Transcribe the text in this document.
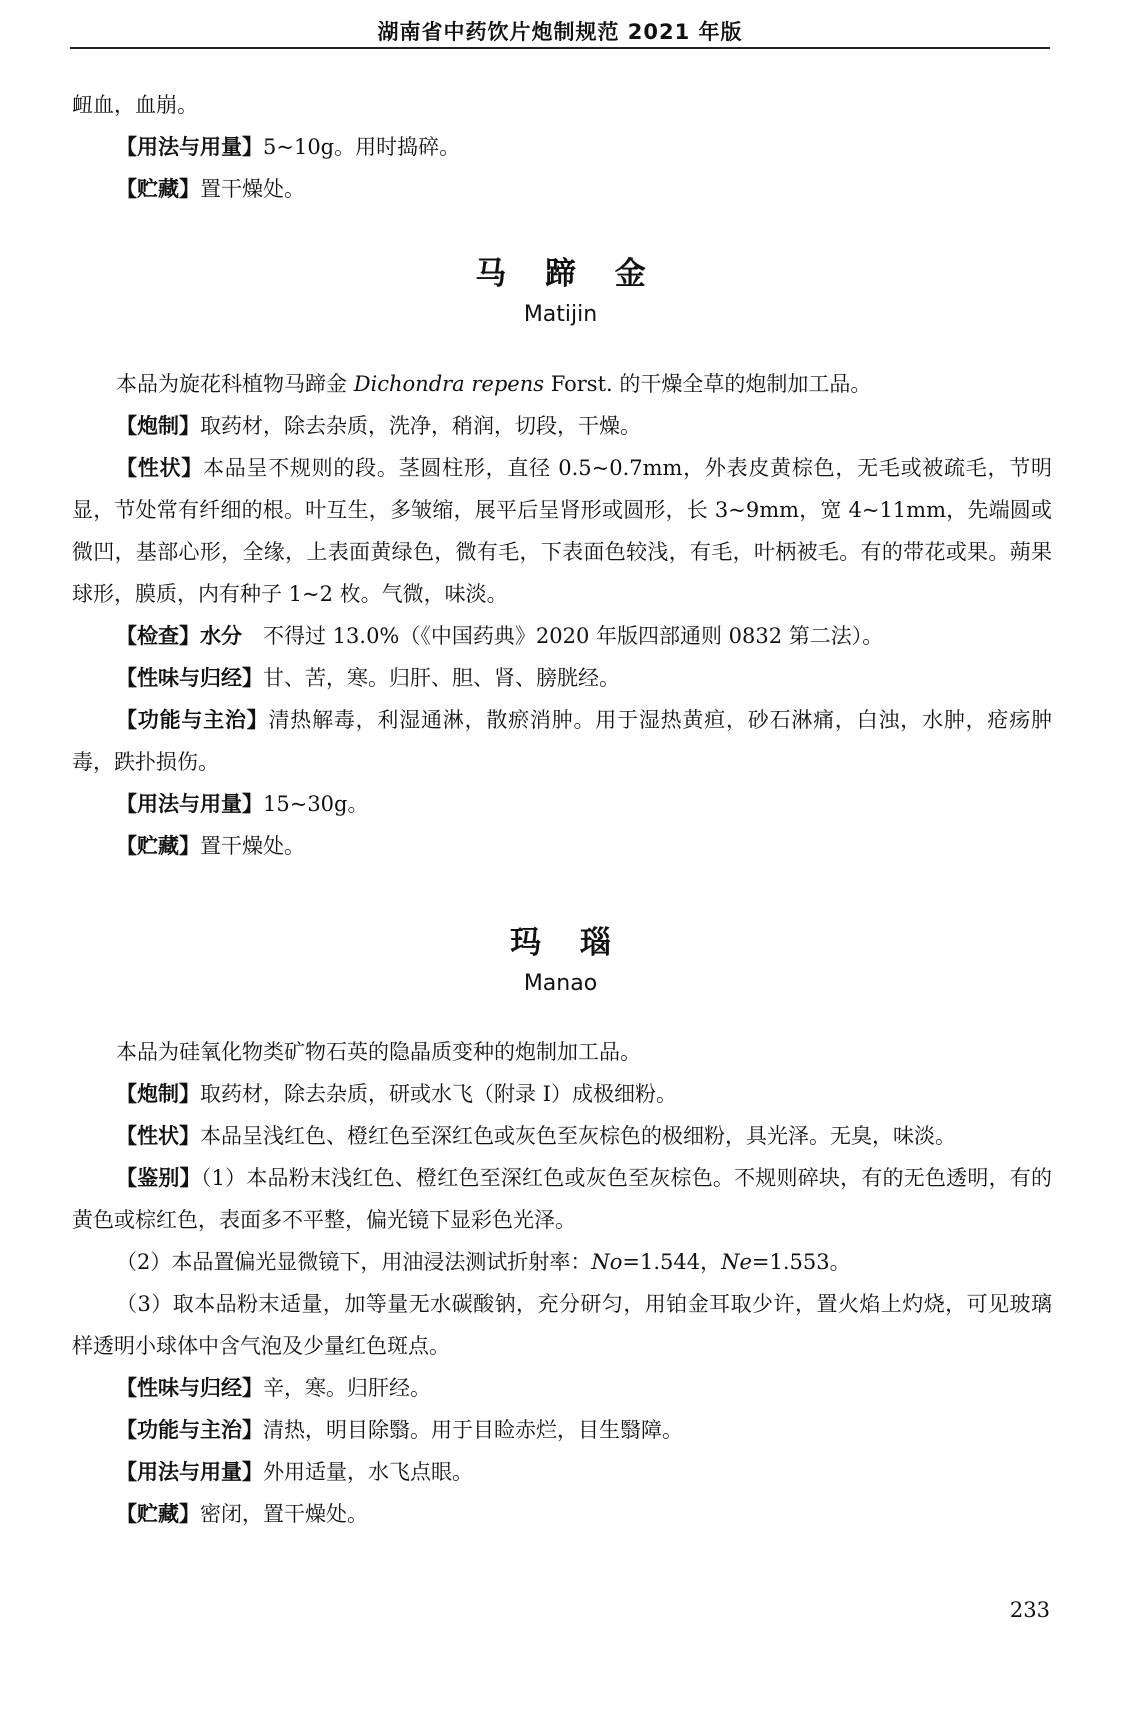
湖南省中药饮片炮制规范 2021 年版

衄血，血崩。

【用法与用量】5~10g。用时捣碎。

【贮藏】置干燥处。

马 蹄 金
Matijin

本品为旋花科植物马蹄金 Dichondra repens Forst. 的干燥全草的炮制加工品。

【炮制】取药材，除去杂质，洗净，稍润，切段，干燥。

【性状】本品呈不规则的段。茎圆柱形，直径 0.5~0.7mm，外表皮黄棕色，无毛或被疏毛，节明显，节处常有纤细的根。叶互生，多皱缩，展平后呈肾形或圆形，长 3~9mm，宽 4~11mm，先端圆或微凹，基部心形，全缘，上表面黄绿色，微有毛，下表面色较浅，有毛，叶柄被毛。有的带花或果。蒴果球形，膜质，内有种子 1~2 枚。气微，味淡。

【检查】水分　不得过 13.0%（《中国药典》2020 年版四部通则 0832 第二法）。

【性味与归经】甘、苦，寒。归肝、胆、肾、膀胱经。

【功能与主治】清热解毒，利湿通淋，散瘀消肿。用于湿热黄疸，砂石淋痛，白浊，水肿，疮疡肿毒，跌扑损伤。

【用法与用量】15~30g。

【贮藏】置干燥处。

玛 瑙
Manao

本品为硅氧化物类矿物石英的隐晶质变种的炮制加工品。

【炮制】取药材，除去杂质，研或水飞（附录 I）成极细粉。

【性状】本品呈浅红色、橙红色至深红色或灰色至灰棕色的极细粉，具光泽。无臭，味淡。

【鉴别】（1）本品粉末浅红色、橙红色至深红色或灰色至灰棕色。不规则碎块，有的无色透明，有的黄色或棕红色，表面多不平整，偏光镜下显彩色光泽。

（2）本品置偏光显微镜下，用油浸法测试折射率：No=1.544，Ne=1.553。

（3）取本品粉末适量，加等量无水碳酸钠，充分研匀，用铂金耳取少许，置火焰上灼烧，可见玻璃样透明小球体中含气泡及少量红色斑点。

【性味与归经】辛，寒。归肝经。

【功能与主治】清热，明目除翳。用于目睑赤烂，目生翳障。

【用法与用量】外用适量，水飞点眼。

【贮藏】密闭，置干燥处。

233
